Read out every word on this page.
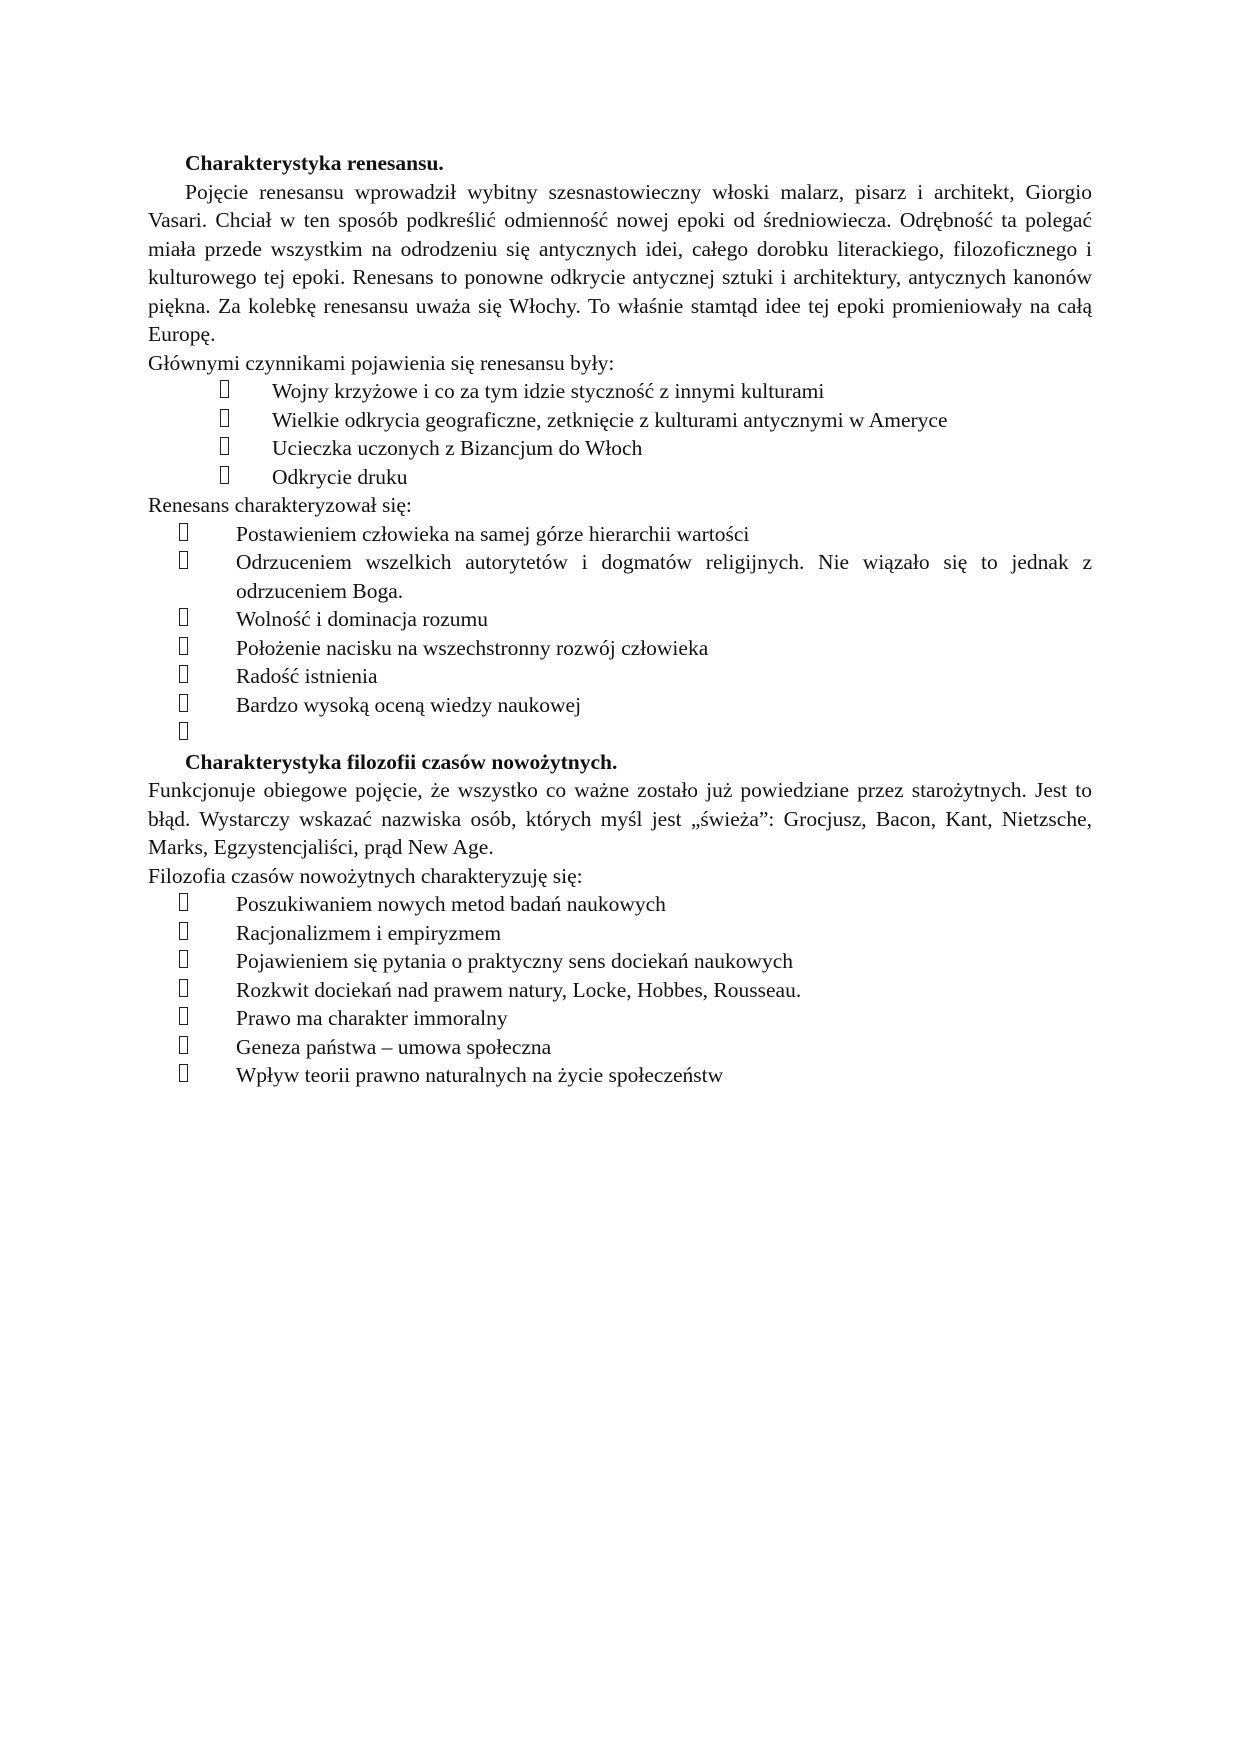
Charakterystyka renesansu.

Pojęcie renesansu wprowadził wybitny szesnastowieczny włoski malarz, pisarz i architekt, Giorgio Vasari. Chciał w ten sposób podkreślić odmienność nowej epoki od średniowiecza. Odrębność ta polegać miała przede wszystkim na odrodzeniu się antycznych idei, całego dorobku literackiego, filozoficznego i kulturowego tej epoki. Renesans to ponowne odkrycie antycznej sztuki i architektury, antycznych kanonów piękna. Za kolebkę renesansu uważa się Włochy. To właśnie stamtąd idee tej epoki promieniowały na całą Europę.

Głównymi czynnikami pojawienia się renesansu były:

Wojny krzyżowe i co za tym idzie styczność z innymi kulturami
Wielkie odkrycia geograficzne, zetknięcie z kulturami antycznymi w Ameryce
Ucieczka uczonych z Bizancjum do Włoch
Odkrycie druku

Renesans charakteryzował się:

Postawieniem człowieka na samej górze hierarchii wartości
Odrzuceniem wszelkich autorytetów i dogmatów religijnych. Nie wiązało się to jednak z odrzuceniem Boga.
Wolność i dominacja rozumu
Położenie nacisku na wszechstronny rozwój człowieka
Radość istnienia
Bardzo wysoką oceną wiedzy naukowej

Charakterystyka filozofii czasów nowożytnych.

Funkcjonuje obiegowe pojęcie, że wszystko co ważne zostało już powiedziane przez starożytnych. Jest to błąd. Wystarczy wskazać nazwiska osób, których myśl jest „świeża”: Grocjusz, Bacon, Kant, Nietzsche, Marks, Egzystencjaliści, prąd New Age.

Filozofia czasów nowożytnych charakteryzuję się:

Poszukiwaniem nowych metod badań naukowych
Racjonalizmem i empiryzmem
Pojawieniem się pytania o praktyczny sens dociekań naukowych
Rozkwit dociekań nad prawem natury, Locke, Hobbes, Rousseau.
Prawo ma charakter immoralny
Geneza państwa – umowa społeczna
Wpływ teorii prawno naturalnych na życie społeczeństw
